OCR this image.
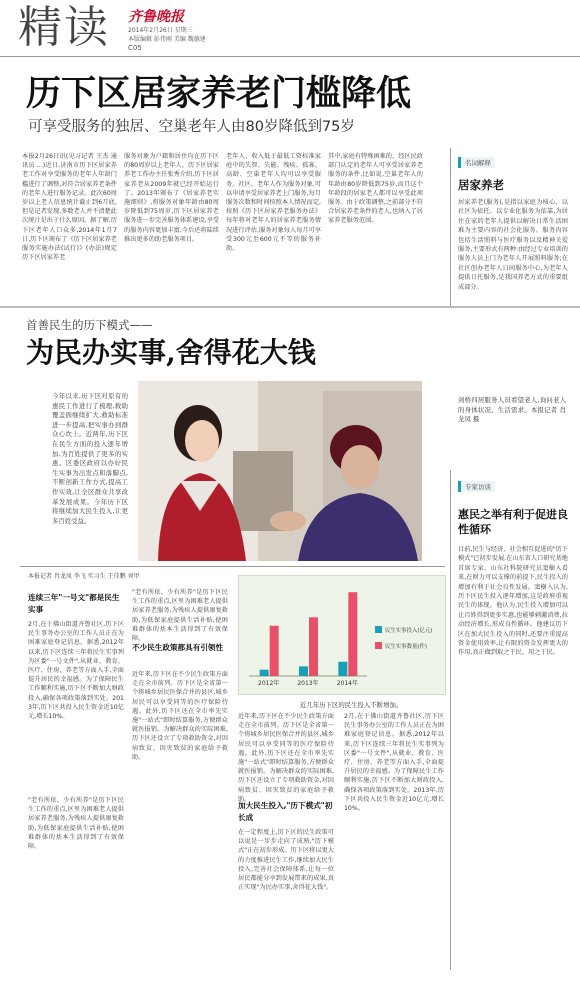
精读 齐鲁晚报
2014年2月26日 星期三
本版编辑 彭伟刚 美编 魏德建
C05
历下区居家养老门槛降低
可享受服务的独居、空巢老年人由80岁降低到75岁
本报2月26日讯(见习记者 王杰 通讯员 …)近日,济南市历下区居家养老工作对享受服务的老年人年龄门槛进行了调整,对符合居家养老条件的老年人进行服务记录。此次60周岁以上老人信息统计截止到6月底,但是记者发现,多数老人并不清楚此次统计是出于什么原因。据了解,历下区老年人口众多,2014年1月7日,历下区颁布了《历下区居家养老服务实施办法(试行)》(办法)规定历下区居家养老
服务对象为户籍和居住均在历下区的80周岁以上老年人。历下区居家养老工作办主任张秀介绍,历下区居家养老从2009年就已经开始运行了。2013年颁布了《居家养老实施细则》,将服务对象年龄由80周岁降低到75周岁,历下区居家养老服务进一步完善服务体系建设,享受的服务内容更加丰富,今后还将陆续推出更多的助老服务项目。
老年人、收入低于最低工资标准家庭中的失智、失能、残疾、孤寡、高龄、空巢老年人均可以享受服务。社区、老年人作为服务对象,可以申请享受居家养老上门服务,每月服务次数和时间按照本人情况而定,按照《历下区居家养老服务办法》每年将对老年人的居家养老服务情况进行评估,服务对象每人每月可享受300元至600元不等的服务补助。
其中,家庭有特殊困难的、经区民政部门认定的老年人可享受居家养老服务的条件,比如说,空巢老年人的年龄由80岁降低到75岁,而且这个年龄段的居家老人都可以享受此项服务。由于政策调整,之前部分不符合居家养老条件的老人,也纳入了居家养老服务范围。
名词解释
居家养老
居家养老(服务),是指以家庭为核心、以社区为依托、以专业化服务为依靠,为居住在家的老年人提供以解决日常生活困难为主要内容的社会化服务。服务内容包括生活照料与医疗服务以及精神关爱服务,主要形式有两种:由经过专业培训的服务人员上门为老年人开展照料服务;在社区创办老年人日间服务中心,为老年人提供日托服务,是我国养老方式的重要组成部分。
首善民生的历下模式——
为民办实事,舍得花大钱
今年以来,历下区对原有的惠民工作进行了梳理,救助覆盖面继续扩大,救助标准进一步提高,把实事办到群众心坎上。近两年,历下区在民生方面的投入逐年增加,为百姓提供了更多的实惠。区委区政府以办好民生实事为出发点和落脚点,不断创新工作方式,提高工作实效,让全区群众共享改革发展成果。今年历下区将继续加大民生投入,让更多百姓受益。
剑桥四居服务人员看望老人,询问老人的身体状况、生活需求。本报记者 肖龙凤 摄
本报记者 肖龙凤 李飞 实习生 王佳鹏 刘甲
连续三年"一号文"都是民生实事
2月,在于佛山街道齐鲁社区,历下区民生事务办公室的工作人员正在为困难家庭登记信息。据悉,2012年以来,历下区连续三年将民生实事列为区委"一号文件",从就业、教育、医疗、住房、养老等方面入手,全面提升居民的幸福感。为了保障民生工作顺利实施,历下区不断加大财政投入,确保各项政策落到实处。2013年,历下区共投入民生资金近10亿元,增长10%。
"老有所依、少有所养"是历下区民生工作的重点,区里为困难老人提供居家养老服务,为残疾人提供康复救助,为低保家庭提供生活补贴,使困难群体的基本生活得到了有效保障。
"老有所依、少有所养"是历下区民生工作的重点,区里为困难老人提供居家养老服务,为残疾人提供康复救助,为低保家庭提供生活补贴,使困难群体的基本生活得到了有效保障。
不少民生政策都具有引领性
近年来,历下区在不少民生政策方面走在全市前列。历下区是全省第一个将城乡居民医保合并的县区,城乡居民可以享受同等的医疗保险待遇。此外,历下区还在全市率先实施"一站式"即时结算服务,方便群众就医报销。为解决群众的实际困难,历下区还设立了专项救助资金,对因病致贫、因灾致贫的家庭给予救助。
2012年	2013年	2014年
民生实事投入(亿元)
民生实事数量(件)
近几年历下区的民生投入不断增加。
近年来,历下区在不少民生政策方面走在全市前列。历下区是全省第一个将城乡居民医保合并的县区,城乡居民可以享受同等的医疗保险待遇。此外,历下区还在全市率先实施"一站式"即时结算服务,方便群众就医报销。为解决群众的实际困难,历下区还设立了专项救助资金,对因病致贫、因灾致贫的家庭给予救助。
加大民生投入,"历下模式"初长成
在一定程度上,历下区的民生政策可以说是一步步走向了成熟,"历下模式"正在初步形成。历下区将以更大的力度推进民生工作,继续加大民生投入,完善社会保障体系,让每一位居民都能分享到发展带来的成果,真正实现"为民办实事,舍得花大钱"。
2月,在于佛山街道齐鲁社区,历下区民生事务办公室的工作人员正在为困难家庭登记信息。据悉,2012年以来,历下区连续三年将民生实事列为区委"一号文件",从就业、教育、医疗、住房、养老等方面入手,全面提升居民的幸福感。为了保障民生工作顺利实施,历下区不断加大财政投入,确保各项政策落到实处。2013年,历下区共投入民生资金近10亿元,增长10%。
专家访谈
惠民之举有利于促进良性循环
目前,民生与经济、社会相互促进的"历下模式"已初步发展,在山东省人口研究基地首席专家、山东社科院研究员窦樹入看来,在财力可以支撑的前提下,民生投入的增加有利于社会良性发展。窦樹入认为,历下区民生投入逐年增加,这是政府重视民生的体现。他认为,民生投入增加可以让百姓得到更多实惠,也能够刺激消费,拉动经济增长,形成良性循环。他建议历下区在加大民生投入的同时,还要注重提高资金使用效率,让有限的资金发挥更大的作用,真正做到取之于民、用之于民。
